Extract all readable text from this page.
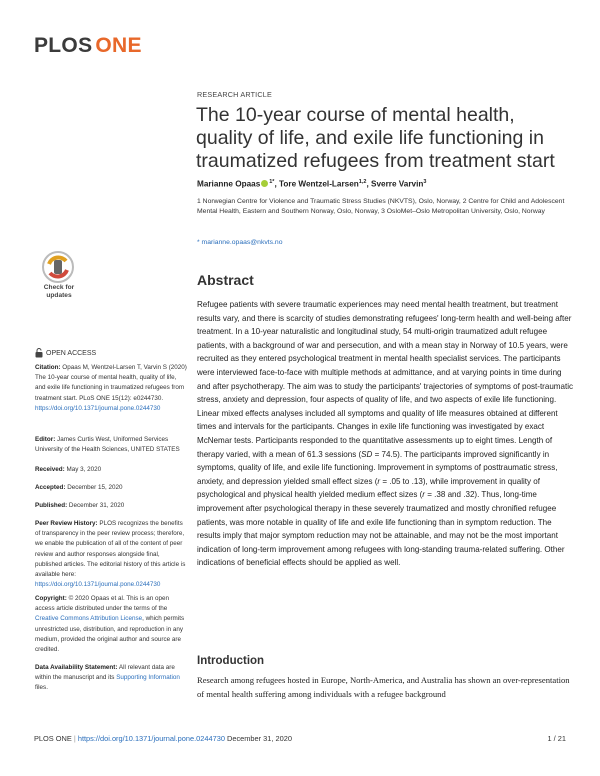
PLOS ONE
RESEARCH ARTICLE
The 10-year course of mental health, quality of life, and exile life functioning in traumatized refugees from treatment start
Marianne Opaas $^{1*}$, Tore Wentzel-Larsen$^{1,2}$, Sverre Varvin$^3$
1 Norwegian Centre for Violence and Traumatic Stress Studies (NKVTS), Oslo, Norway, 2 Centre for Child and Adolescent Mental Health, Eastern and Southern Norway, Oslo, Norway, 3 OsloMet–Oslo Metropolitan University, Oslo, Norway
* marianne.opaas@nkvts.no
Check for updates
OPEN ACCESS
Citation: Opaas M, Wentzel-Larsen T, Varvin S (2020) The 10-year course of mental health, quality of life, and exile life functioning in traumatized refugees from treatment start. PLoS ONE 15(12): e0244730. https://doi.org/10.1371/journal.pone.0244730
Editor: James Curtis West, Uniformed Services University of the Health Sciences, UNITED STATES
Received: May 3, 2020
Accepted: December 15, 2020
Published: December 31, 2020
Peer Review History: PLOS recognizes the benefits of transparency in the peer review process; therefore, we enable the publication of all of the content of peer review and author responses alongside final, published articles. The editorial history of this article is available here: https://doi.org/10.1371/journal.pone.0244730
Copyright: © 2020 Opaas et al. This is an open access article distributed under the terms of the Creative Commons Attribution License, which permits unrestricted use, distribution, and reproduction in any medium, provided the original author and source are credited.
Data Availability Statement: All relevant data are within the manuscript and its Supporting Information files.
Abstract

Refugee patients with severe traumatic experiences may need mental health treatment, but treatment results vary, and there is scarcity of studies demonstrating refugees' long-term health and well-being after treatment. In a 10-year naturalistic and longitudinal study, 54 multi-origin traumatized adult refugee patients, with a background of war and persecution, and with a mean stay in Norway of 10.5 years, were recruited as they entered psychological treatment in mental health specialist services. The participants were interviewed face-to-face with multiple methods at admittance, and at varying points in time during and after psychotherapy. The aim was to study the participants' trajectories of symptoms of post-traumatic stress, anxiety and depression, four aspects of quality of life, and two aspects of exile life functioning. Linear mixed effects analyses included all symptoms and quality of life measures obtained at different times and intervals for the participants. Changes in exile life functioning was investigated by exact McNemar tests. Participants responded to the quantitative assessments up to eight times. Length of therapy varied, with a mean of 61.3 sessions (SD = 74.5). The participants improved significantly in symptoms, quality of life, and exile life functioning. Improvement in symptoms of posttraumatic stress, anxiety, and depression yielded small effect sizes (r = .05 to .13), while improvement in quality of psychological and physical health yielded medium effect sizes (r = .38 and .32). Thus, long-time improvement after psychological therapy in these severely traumatized and mostly chronified refugee patients, was more notable in quality of life and exile life functioning than in symptom reduction. The results imply that major symptom reduction may not be attainable, and may not be the most important indication of long-term improvement among refugees with long-standing trauma-related suffering. Other indications of beneficial effects should be applied as well.

Introduction

Research among refugees hosted in Europe, North-America, and Australia has shown an over-representation of mental health suffering among individuals with a refugee background

PLOS ONE | https://doi.org/10.1371/journal.pone.0244730 December 31, 2020	1 / 21
